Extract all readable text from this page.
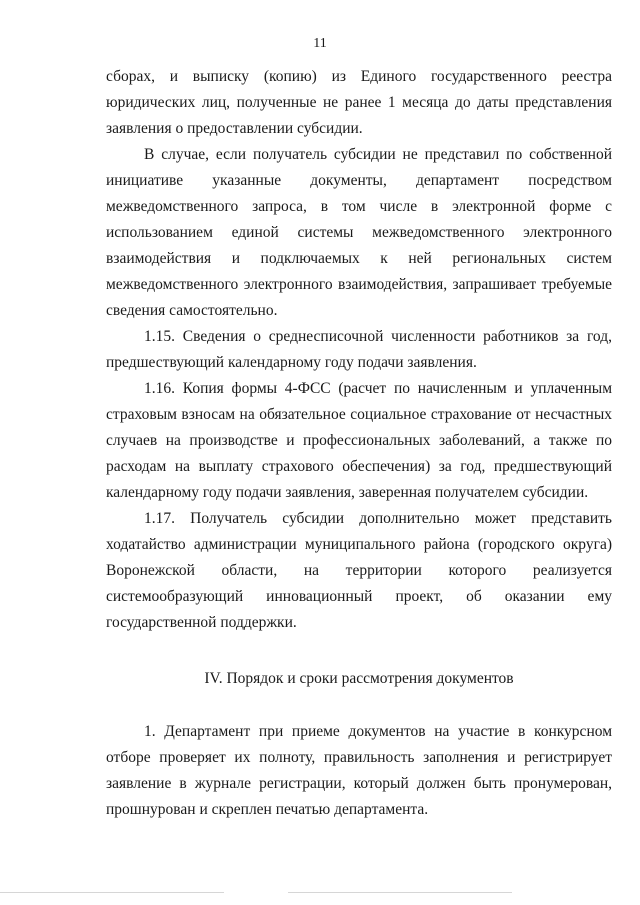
11

сборах, и выписку (копию) из Единого государственного реестра юридических лиц, полученные не ранее 1 месяца до даты представления заявления о предоставлении субсидии.

В случае, если получатель субсидии не представил по собственной инициативе указанные документы, департамент посредством межведомственного запроса, в том числе в электронной форме с использованием единой системы межведомственного электронного взаимодействия и подключаемых к ней региональных систем межведомственного электронного взаимодействия, запрашивает требуемые сведения самостоятельно.

1.15. Сведения о среднесписочной численности работников за год, предшествующий календарному году подачи заявления.

1.16. Копия формы 4-ФСС (расчет по начисленным и уплаченным страховым взносам на обязательное социальное страхование от несчастных случаев на производстве и профессиональных заболеваний, а также по расходам на выплату страхового обеспечения) за год, предшествующий календарному году подачи заявления, заверенная получателем субсидии.

1.17. Получатель субсидии дополнительно может представить ходатайство администрации муниципального района (городского округа) Воронежской области, на территории которого реализуется системообразующий инновационный проект, об оказании ему государственной поддержки.

IV. Порядок и сроки рассмотрения документов

1. Департамент при приеме документов на участие в конкурсном отборе проверяет их полноту, правильность заполнения и регистрирует заявление в журнале регистрации, который должен быть пронумерован, прошнурован и скреплен печатью департамента.
